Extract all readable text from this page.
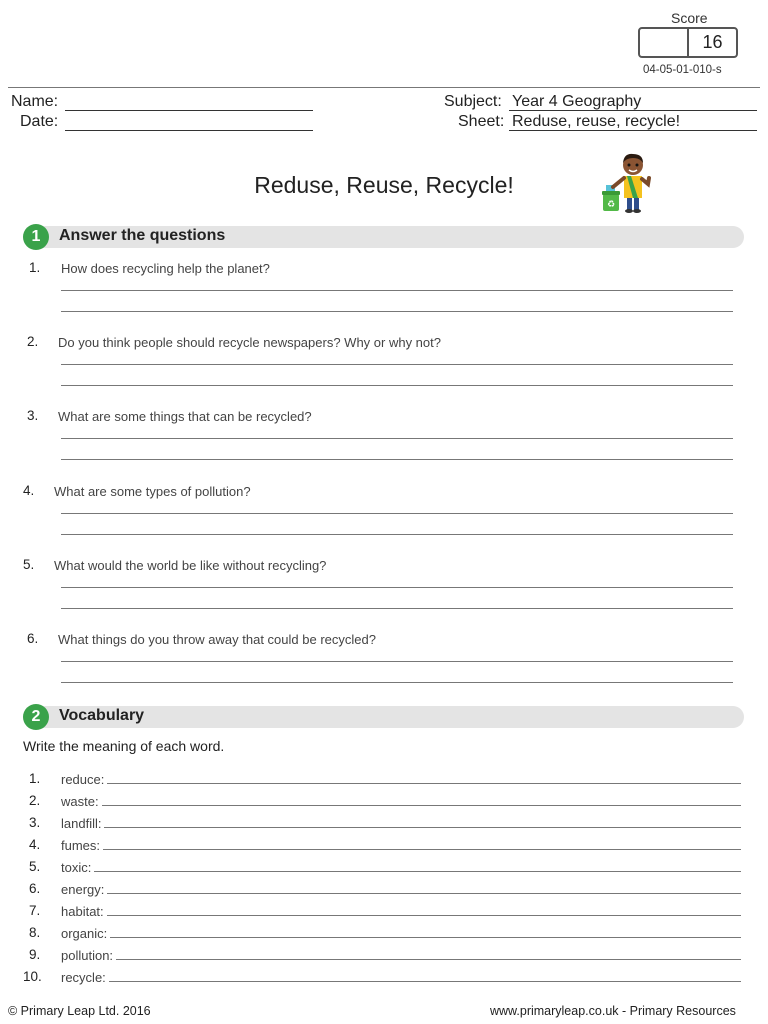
Score
16
04-05-01-010-s
Name:
Date:
Subject: Year 4 Geography
Sheet: Reduse, reuse, recycle!
Reduse, Reuse, Recycle!
♻
1	Answer the questions
1. How does recycling help the planet?
2. Do you think people should recycle newspapers? Why or why not?
3. What are some things that can be recycled?
4. What are some types of pollution?
5. What would the world be like without recycling?
6. What things do you throw away that could be recycled?
2	Vocabulary
Write the meaning of each word.
1. reduce:
2. waste:
3. landfill:
4. fumes:
5. toxic:
6. energy:
7. habitat:
8. organic:
9. pollution:
10. recycle:
© Primary Leap Ltd. 2016	www.primaryleap.co.uk - Primary Resources
